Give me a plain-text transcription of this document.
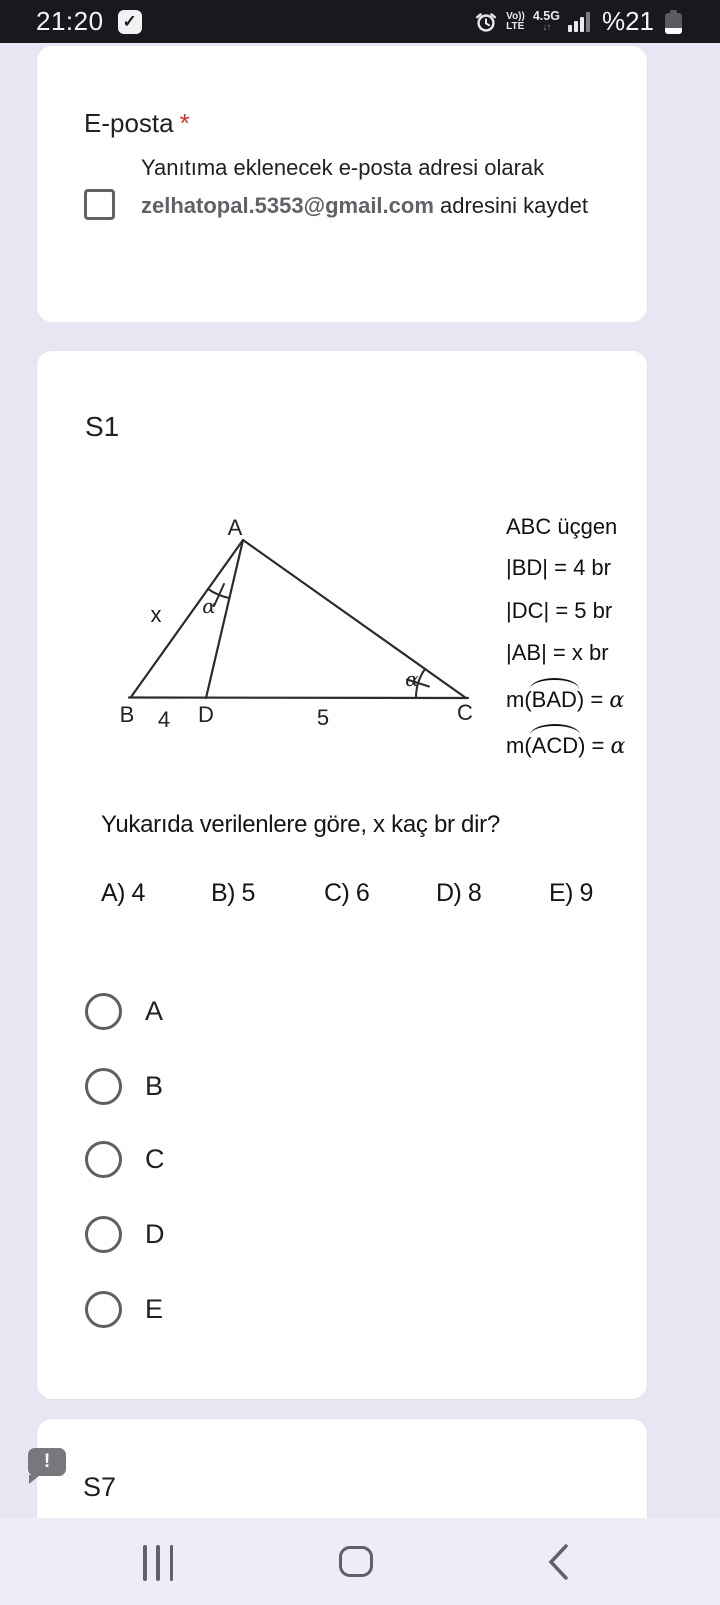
21:20 ✓	Vo))
LTE
4.5G
↓↑	%21
E-posta *
Yanıtıma eklenecek e-posta adresi olarak zelhatopal.5353@gmail.com adresini kaydet
S1
A
B	D	C
x
4	5
α
α
ABC üçgen
|BD| = 4 br
|DC| = 5 br
|AB| = x br
m(BAD) = α
m(ACD) = α
Yukarıda verilenlere göre, x kaç br dir?
A) 4	B) 5	C) 6	D) 8	E) 9
A
B
C
D
E
!
S7
